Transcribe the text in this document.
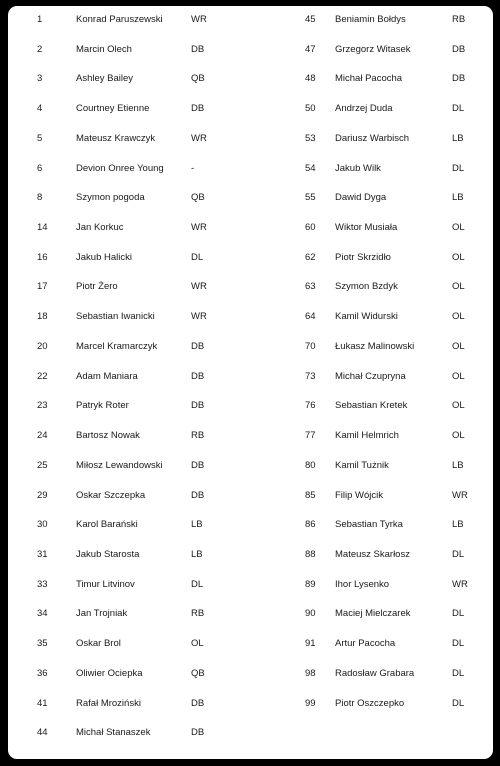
1	Konrad Paruszewski	WR
2	Marcin Olech	DB
3	Ashley Bailey	QB
4	Courtney Etienne	DB
5	Mateusz Krawczyk	WR
6	Devion Onree Young	-
8	Szymon pogoda	QB
14	Jan Korkuc	WR
16	Jakub Halicki	DL
17	Piotr Żero	WR
18	Sebastian Iwanicki	WR
20	Marcel Kramarczyk	DB
22	Adam Maniara	DB
23	Patryk Roter	DB
24	Bartosz Nowak	RB
25	Miłosz Lewandowski	DB
29	Oskar Szczepka	DB
30	Karol Barański	LB
31	Jakub Starosta	LB
33	Timur Litvinov	DL
34	Jan Trojniak	RB
35	Oskar Brol	OL
36	Oliwier Ociepka	QB
41	Rafał Mroziński	DB
44	Michał Stanaszek	DB
45 Beniamin Bołdys	RB
47 Grzegorz Witasek	DB
48 Michał Pacocha	DB
50 Andrzej Duda	DL
53 Dariusz Warbisch	LB
54 Jakub Wilk	DL
55 Dawid Dyga	LB
60 Wiktor Musiała	OL
62 Piotr Skrzidło	OL
63 Szymon Bzdyk	OL
64 Kamil Widurski	OL
70 Łukasz Malinowski	OL
73 Michał Czupryna	OL
76 Sebastian Kretek	OL
77 Kamil Helmrich	OL
80 Kamil Tużnik	LB
85 Filip Wójcik	WR
86 Sebastian Tyrka	LB
88 Mateusz Skarłosz	DL
89 Ihor Lysenko	WR
90 Maciej Mielczarek	DL
91 Artur Pacocha	DL
98 Radosław Grabara	DL
99 Piotr Oszczepko	DL
